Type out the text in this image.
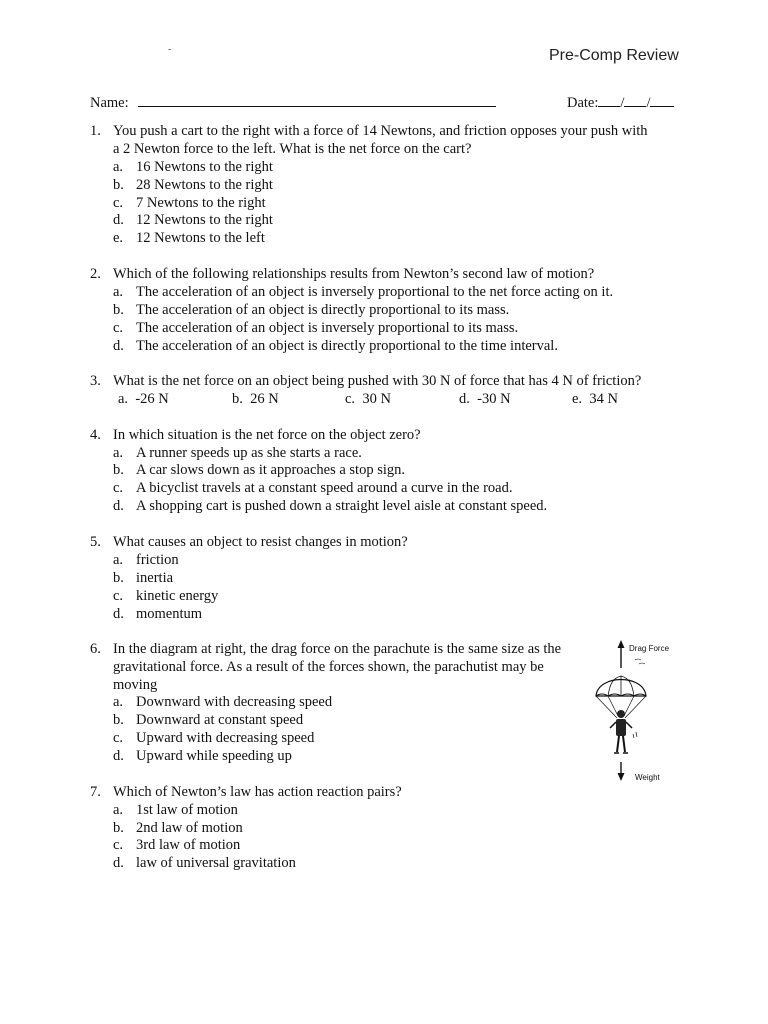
-	Pre-Comp Review
Name:	Date: / /
1. You push a cart to the right with a force of 14 Newtons, and friction opposes your push with
a 2 Newton force to the left. What is the net force on the cart?
a. 16 Newtons to the right
b. 28 Newtons to the right
c. 7 Newtons to the right
d. 12 Newtons to the right
e. 12 Newtons to the left
2. Which of the following relationships results from Newton’s second law of motion?
a. The acceleration of an object is inversely proportional to the net force acting on it.
b. The acceleration of an object is directly proportional to its mass.
c. The acceleration of an object is inversely proportional to its mass.
d. The acceleration of an object is directly proportional to the time interval.
3. What is the net force on an object being pushed with 30 N of force that has 4 N of friction?
a. -26 N	b. 26 N	c. 30 N	d. -30 N	e. 34 N
4. In which situation is the net force on the object zero?
a. A runner speeds up as she starts a race.
b. A car slows down as it approaches a stop sign.
c. A bicyclist travels at a constant speed around a curve in the road.
d. A shopping cart is pushed down a straight level aisle at constant speed.
5. What causes an object to resist changes in motion?
a. friction
b. inertia
c. kinetic energy
d. momentum
6. In the diagram at right, the drag force on the parachute is the same size as the
gravitational force. As a result of the forces shown, the parachutist may be
moving
a. Downward with decreasing speed
b. Downward at constant speed
c. Upward with decreasing speed
d. Upward while speeding up
Drag Force
Weight
7. Which of Newton’s law has action reaction pairs?
a. 1st law of motion
b. 2nd law of motion
c. 3rd law of motion
d. law of universal gravitation
